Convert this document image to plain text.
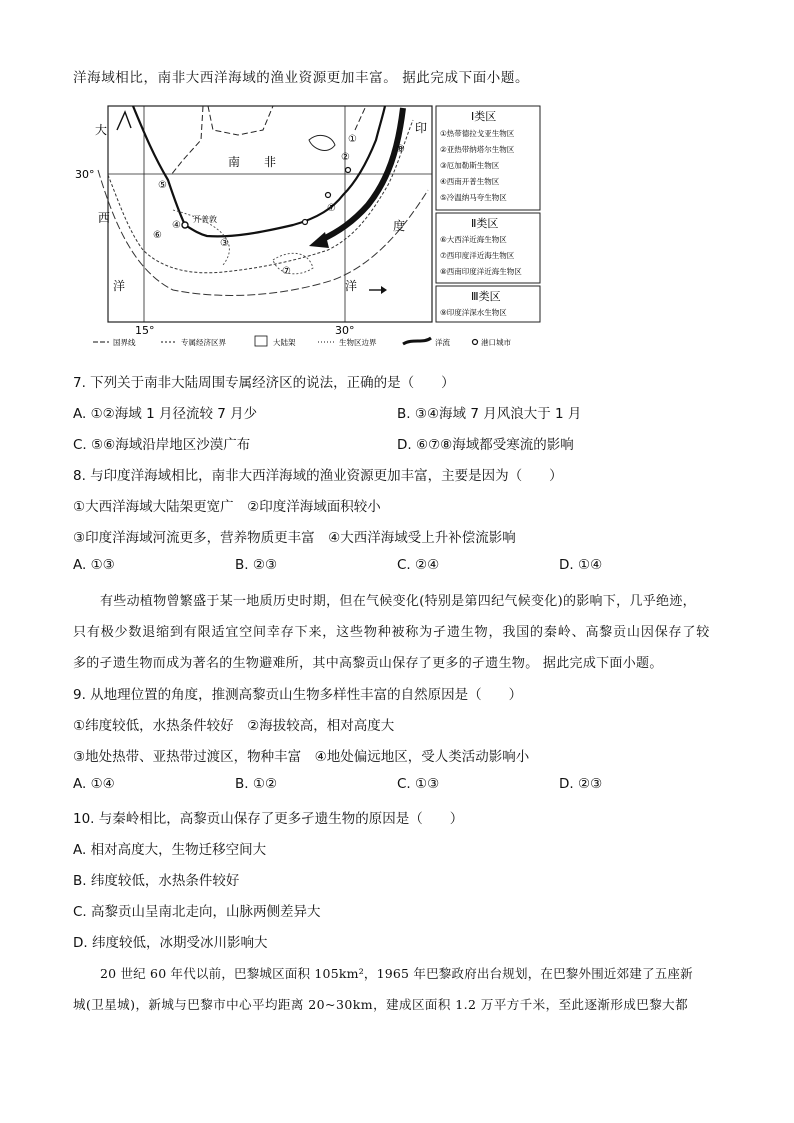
洋海域相比，南非大西洋海域的渔业资源更加丰富。 据此完成下面小题。
大	印
南　　非
西
洋
度
洋
30°
15°	30°
开普敦
①
②
③
④
⑤
⑥
⑦
⑧
⑦
Ⅰ类区
①热带德拉戈亚生物区
②亚热带纳塔尔生物区
③厄加勒斯生物区
④西南开普生物区
⑤冷温纳马夸生物区
Ⅱ类区
⑥大西洋近海生物区
⑦西印度洋近海生物区
⑧西南印度洋近海生物区
Ⅲ类区
⑨印度洋深水生物区
国界线	专属经济区界	大陆架	生物区边界	洋流	港口城市
7. 下列关于南非大陆周围专属经济区的说法，正确的是（　　）
A. ①②海域 1 月径流较 7 月少	B. ③④海域 7 月风浪大于 1 月
C. ⑤⑥海域沿岸地区沙漠广布	D. ⑥⑦⑧海域都受寒流的影响
8. 与印度洋海域相比，南非大西洋海域的渔业资源更加丰富，主要是因为（　　）
①大西洋海域大陆架更宽广　②印度洋海域面积较小
③印度洋海域河流更多，营养物质更丰富　④大西洋海域受上升补偿流影响
A. ①③	B. ②③	C. ②④	D. ①④
有些动植物曾繁盛于某一地质历史时期，但在气候变化(特别是第四纪气候变化)的影响下，几乎绝迹，
只有极少数退缩到有限适宜空间幸存下来，这些物种被称为孑遗生物，我国的秦岭、高黎贡山因保存了较
多的孑遗生物而成为著名的生物避难所，其中高黎贡山保存了更多的孑遗生物。 据此完成下面小题。
9. 从地理位置的角度，推测高黎贡山生物多样性丰富的自然原因是（　　）
①纬度较低，水热条件较好　②海拔较高，相对高度大
③地处热带、亚热带过渡区，物种丰富　④地处偏远地区，受人类活动影响小
A. ①④	B. ①②	C. ①③	D. ②③
10. 与秦岭相比，高黎贡山保存了更多孑遗生物的原因是（　　）
A. 相对高度大，生物迁移空间大
B. 纬度较低，水热条件较好
C. 高黎贡山呈南北走向，山脉两侧差异大
D. 纬度较低，冰期受冰川影响大
20 世纪 60 年代以前，巴黎城区面积 105km²，1965 年巴黎政府出台规划，在巴黎外围近郊建了五座新
城(卫星城)，新城与巴黎市中心平均距离 20~30km，建成区面积 1.2 万平方千米，至此逐渐形成巴黎大都
